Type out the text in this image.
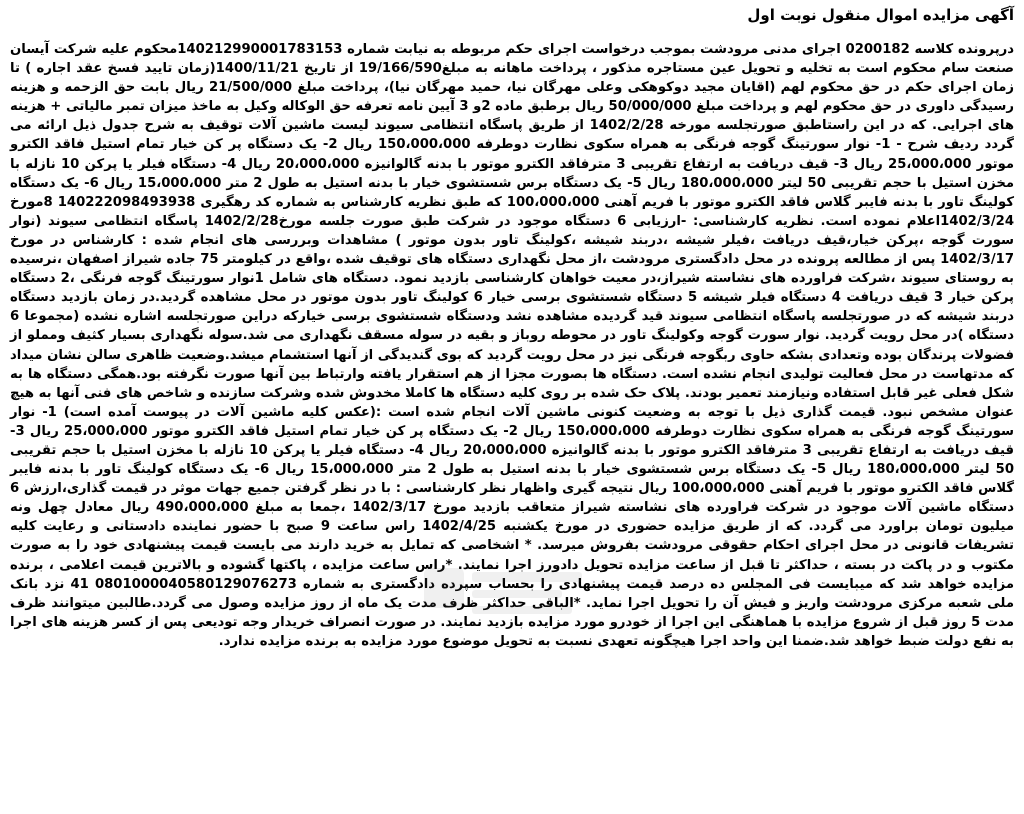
آگهی مزایده اموال منقول نوبت اول

درپرونده کلاسه 0200182 اجرای مدنی مرودشت بموجب درخواست اجرای حکم مربوطه به نیابت شماره 140212990001783153محکوم علیه شرکت آیسان صنعت سام محکوم است به تخلیه و تحویل عین مستاجره مذکور ، پرداخت ماهانه به مبلغ19/166/590 از تاریخ 1400/11/21(زمان تایید فسخ عقد اجاره ) تا زمان اجرای حکم در حق محکوم لهم (اقایان مجید دوکوهکی وعلی مهرگان نیا، حمید مهرگان نیا)، پرداخت مبلغ 21/500/000 ریال بابت حق الزحمه و هزینه رسیدگی داوری در حق محکوم لهم و پرداخت مبلغ 50/000/000 ریال برطبق ماده 2و 3 آیین نامه تعرفه حق الوکاله وکیل به ماخذ میزان تمبر مالیاتی + هزینه های اجرایی. که در این راستاطبق صورتجلسه مورخه 1402/2/28 از طریق پاسگاه انتظامی سیوند لیست ماشین آلات توقیف به شرح جدول ذیل ارائه می گردد ردیف شرح - 1- نوار سورتینگ گوجه فرنگی به همراه سکوی نظارت دوطرفه 150،000،000 ریال 2- یک دستگاه پر کن خیار تمام استیل فاقد الکترو موتور 25،000،000 ریال 3- قیف دریافت به ارتفاع تقریبی 3 مترفاقد الکترو موتور با بدنه گالوانیزه 20،000،000 ریال 4- دستگاه فیلر یا پرکن 10 نازله با مخزن استیل با حجم تقریبی 50 لیتر 180،000،000 ریال 5- یک دستگاه برس شستشوی خیار با بدنه استیل به طول 2 متر 15،000،000 ریال 6- یک دستگاه کولینگ تاور با بدنه فایبر گلاس فاقد الکترو موتور با فریم آهنی 100،000،000 که طبق نظریه کارشناس به شماره کد رهگیری 140222098493938 8مورخ 1402/3/24اعلام نموده است. نظریه کارشناسی: -ارزیابی 6 دستگاه موجود در شرکت طبق صورت جلسه مورخ1402/2/28 پاسگاه انتظامی سیوند (نوار سورت گوجه ،پرکن خیار،قیف دریافت ،فیلر شیشه ،دربند شیشه ،کولینگ تاور بدون موتور ) مشاهدات وبررسی های انجام شده : کارشناس در مورخ 1402/3/17 پس از مطالعه پرونده در محل دادگستری مرودشت ،از محل نگهداری دستگاه های توقیف شده ،واقع در کیلومتر 75 جاده شیراز اصفهان ،نرسیده به روستای سیوند ،شرکت فراورده های نشاسته شیراز،در معیت خواهان کارشناسی بازدید نمود. دستگاه های شامل 1نوار سورتینگ گوجه فرنگی ،2 دستگاه پرکن خیار 3 قیف دریافت 4 دستگاه فیلر شیشه 5 دستگاه شستشوی برسی خیار 6 کولینگ تاور بدون موتور در محل مشاهده گردید.در زمان بازدید دستگاه دربند شیشه که در صورتجلسه پاسگاه انتظامی سیوند قید گردیده مشاهده نشد ودستگاه شستشوی برسی خیارکه دراین صورتجلسه اشاره نشده (مجموعا 6 دستگاه )در محل رویت گردید. نوار سورت گوجه وکولینگ تاور در محوطه روباز و بقیه در سوله مسقف نگهداری می شد.سوله نگهداری بسیار کثیف ومملو از فضولات پرندگان بوده وتعدادی بشکه حاوی ربگوجه فرنگی نیز در محل رویت گردید که بوی گندیدگی از آنها استشمام میشد.وضعیت ظاهری سالن نشان میداد که مدتهاست در محل فعالیت تولیدی انجام نشده است. دستگاه ها بصورت مجزا از هم استقرار یافته وارتباط بین آنها صورت نگرفته بود.همگی دستگاه ها به شکل فعلی غیر قابل استفاده ونیازمند تعمیر بودند. پلاک حک شده بر روی کلیه دستگاه ها کاملا مخدوش شده وشرکت سازنده و شاخص های فنی آنها به هیچ عنوان مشخص نبود. قیمت گذاری ذیل با توجه به وضعیت کنونی ماشین آلات انجام شده است :(عکس کلیه ماشین آلات در پیوست آمده است) 1- نوار سورتینگ گوجه فرنگی به همراه سکوی نظارت دوطرفه 150،000،000 ریال 2- یک دستگاه پر کن خیار تمام استیل فاقد الکترو موتور 25،000،000 ریال 3- قیف دریافت به ارتفاع تقریبی 3 مترفاقد الکترو موتور با بدنه گالوانیزه 20،000،000 ریال 4- دستگاه فیلر یا پرکن 10 نازله با مخزن استیل با حجم تقریبی 50 لیتر 180،000،000 ریال 5- یک دستگاه برس شستشوی خیار با بدنه استیل به طول 2 متر 15،000،000 ریال 6- یک دستگاه کولینگ تاور با بدنه فایبر گلاس فاقد الکترو موتور با فریم آهنی 100،000،000 ریال نتیجه گیری واظهار نظر کارشناسی : با در نظر گرفتن جمیع جهات موثر در قیمت گذاری،ارزش 6 دستگاه ماشین آلات موجود در شرکت فراورده های نشاسته شیراز متعاقب بازدید مورخ 1402/3/17 ،جمعا به مبلغ 490،000،000 ریال معادل چهل ونه میلیون تومان براورد می گردد. که از طریق مزایده حضوری در مورخ یکشنبه 1402/4/25 راس ساعت 9 صبح با حضور نماینده دادستانی و رعایت کلیه تشریفات قانونی در محل اجرای احکام حقوقی مرودشت بفروش میرسد. * اشخاصی که تمایل به خرید دارند می بایست قیمت پیشنهادی خود را به صورت مکتوب و در پاکت در بسته ، حداکثر تا قبل از ساعت مزایده تحویل دادورز اجرا نمایند. *راس ساعت مزایده ، پاکتها گشوده و بالاترین قیمت اعلامی ، برنده مزایده خواهد شد که میبایست فی المجلس ده درصد قیمت پیشنهادی را بحساب سپرده دادگستری به شماره 0801000040580129076273 41 نزد بانک ملی شعبه مرکزی مرودشت واریز و فیش آن را تحویل اجرا نماید. *الباقی حداکثر ظرف مدت یک ماه از روز مزایده وصول می گردد.طالبین میتوانند ظرف مدت 5 روز قبل از شروع مزایده با هماهنگی این اجرا از خودرو مورد مزایده بازدید نمایند. در صورت انصراف خریدار وجه تودیعی پس از کسر هزینه های اجرا به نفع دولت ضبط خواهد شد.ضمنا این واحد اجرا هیچگونه تعهدی نسبت به تحویل موضوع مورد مزایده به برنده مزایده ندارد.
